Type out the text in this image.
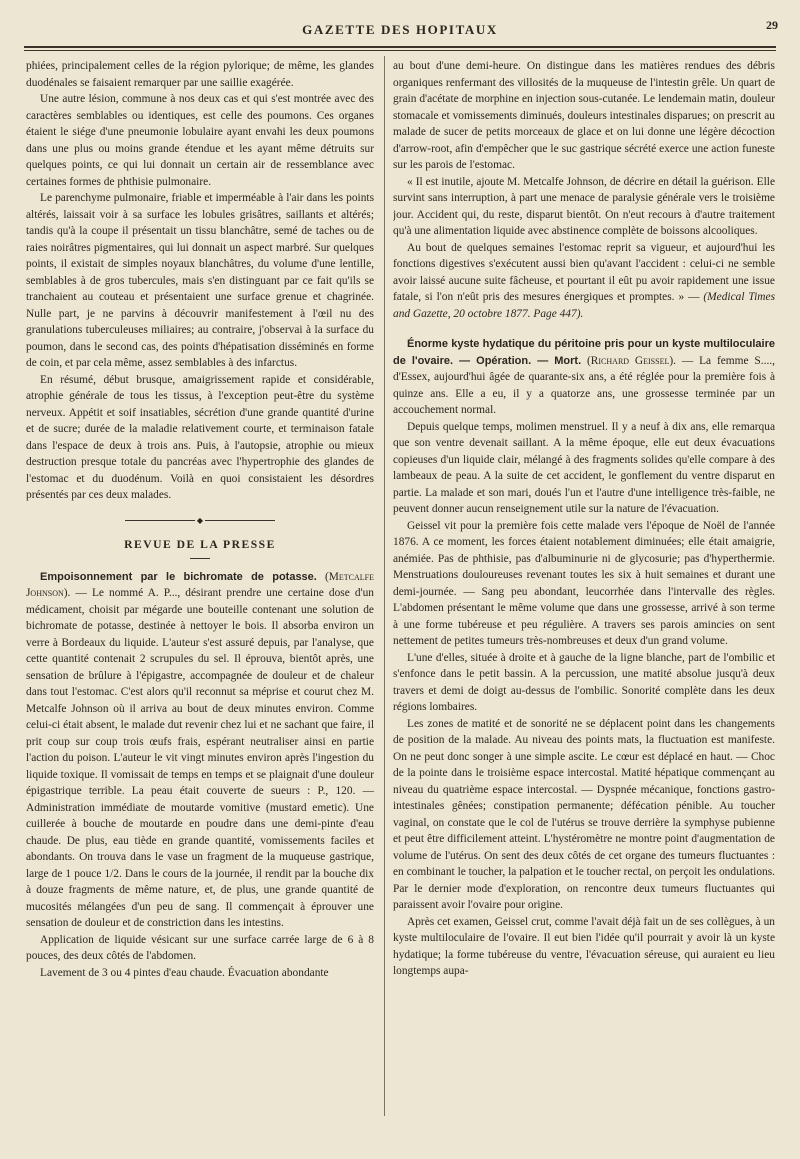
GAZETTE DES HOPITAUX	29

phiées, principalement celles de la région pylorique; de même, les glandes duodénales se faisaient remarquer par une saillie exagérée.

Une autre lésion, commune à nos deux cas et qui s'est montrée avec des caractères semblables ou identiques, est celle des poumons. Ces organes étaient le siége d'une pneumonie lobulaire ayant envahi les deux poumons dans une plus ou moins grande étendue et les ayant même détruits sur quelques points, ce qui lui donnait un certain air de ressemblance avec certaines formes de phthisie pulmonaire.

Le parenchyme pulmonaire, friable et imperméable à l'air dans les points altérés, laissait voir à sa surface les lobules grisâtres, saillants et altérés; tandis qu'à la coupe il présentait un tissu blanchâtre, semé de taches ou de raies noirâtres pigmentaires, qui lui donnait un aspect marbré. Sur quelques points, il existait de simples noyaux blanchâtres, du volume d'une lentille, semblables à de gros tubercules, mais s'en distinguant par ce fait qu'ils se tranchaient au couteau et présentaient une surface grenue et chagrinée. Nulle part, je ne parvins à découvrir manifestement à l'œil nu des granulations tuberculeuses miliaires; au contraire, j'observai à la surface du poumon, dans le second cas, des points d'hépatisation disséminés en forme de coin, et par cela même, assez semblables à des infarctus.

En résumé, début brusque, amaigrissement rapide et considérable, atrophie générale de tous les tissus, à l'exception peut-être du système nerveux. Appétit et soif insatiables, sécrétion d'une grande quantité d'urine et de sucre; durée de la maladie relativement courte, et terminaison fatale dans l'espace de deux à trois ans. Puis, à l'autopsie, atrophie ou mieux destruction presque totale du pancréas avec l'hypertrophie des glandes de l'estomac et du duodénum. Voilà en quoi consistaient les désordres présentés par ces deux malades.

◆
REVUE DE LA PRESSE

Empoisonnement par le bichromate de potasse. (Metcalfe Johnson). — Le nommé A. P..., désirant prendre une certaine dose d'un médicament, choisit par mégarde une bouteille contenant une solution de bichromate de potasse, destinée à nettoyer le bois. Il absorba environ un verre à Bordeaux du liquide. L'auteur s'est assuré depuis, par l'analyse, que cette quantité contenait 2 scrupules du sel. Il éprouva, bientôt après, une sensation de brûlure à l'épigastre, accompagnée de douleur et de chaleur dans tout l'estomac. C'est alors qu'il reconnut sa méprise et courut chez M. Metcalfe Johnson où il arriva au bout de deux minutes environ. Comme celui-ci était absent, le malade dut revenir chez lui et ne sachant que faire, il prit coup sur coup trois œufs frais, espérant neutraliser ainsi en partie l'action du poison. L'auteur le vit vingt minutes environ après l'ingestion du liquide toxique. Il vomissait de temps en temps et se plaignait d'une douleur épigastrique terrible. La peau était couverte de sueurs : P., 120. — Administration immédiate de moutarde vomitive (mustard emetic). Une cuillerée à bouche de moutarde en poudre dans une demi-pinte d'eau chaude. De plus, eau tiède en grande quantité, vomissements faciles et abondants. On trouva dans le vase un fragment de la muqueuse gastrique, large de 1 pouce 1/2. Dans le cours de la journée, il rendit par la bouche dix à douze fragments de même nature, et, de plus, une grande quantité de mucosités mélangées d'un peu de sang. Il commençait à éprouver une sensation de douleur et de constriction dans les intestins.

Application de liquide vésicant sur une surface carrée large de 6 à 8 pouces, des deux côtés de l'abdomen.

Lavement de 3 ou 4 pintes d'eau chaude. Évacuation abondante

au bout d'une demi-heure. On distingue dans les matières rendues des débris organiques renfermant des villosités de la muqueuse de l'intestin grêle. Un quart de grain d'acétate de morphine en injection sous-cutanée. Le lendemain matin, douleur stomacale et vomissements diminués, douleurs intestinales disparues; on prescrit au malade de sucer de petits morceaux de glace et on lui donne une légère décoction d'arrow-root, afin d'empêcher que le suc gastrique sécrété exerce une action funeste sur les parois de l'estomac.

« Il est inutile, ajoute M. Metcalfe Johnson, de décrire en détail la guérison. Elle survint sans interruption, à part une menace de paralysie générale vers le troisième jour. Accident qui, du reste, disparut bientôt. On n'eut recours à d'autre traitement qu'à une alimentation liquide avec abstinence complète de boissons alcooliques.

Au bout de quelques semaines l'estomac reprit sa vigueur, et aujourd'hui les fonctions digestives s'exécutent aussi bien qu'avant l'accident : celui-ci ne semble avoir laissé aucune suite fâcheuse, et pourtant il eût pu avoir rapidement une issue fatale, si l'on n'eût pris des mesures énergiques et promptes. » — (Medical Times and Gazette, 20 octobre 1877. Page 447).

Énorme kyste hydatique du péritoine pris pour un kyste multiloculaire de l'ovaire. — Opération. — Mort. (Richard Geissel). — La femme S...., d'Essex, aujourd'hui âgée de quarante-six ans, a été réglée pour la première fois à quinze ans. Elle a eu, il y a quatorze ans, une grossesse terminée par un accouchement normal.

Depuis quelque temps, molimen menstruel. Il y a neuf à dix ans, elle remarqua que son ventre devenait saillant. A la même époque, elle eut deux évacuations copieuses d'un liquide clair, mélangé à des fragments solides qu'elle compare à des lambeaux de peau. A la suite de cet accident, le gonflement du ventre disparut en partie. La malade et son mari, doués l'un et l'autre d'une intelligence très-faible, ne peuvent donner aucun renseignement utile sur la nature de l'évacuation.

Geissel vit pour la première fois cette malade vers l'époque de Noël de l'année 1876. A ce moment, les forces étaient notablement diminuées; elle était amaigrie, anémiée. Pas de phthisie, pas d'albuminurie ni de glycosurie; pas d'hyperthermie. Menstruations douloureuses revenant toutes les six à huit semaines et durant une demi-journée. — Sang peu abondant, leucorrhée dans l'intervalle des règles. L'abdomen présentant le même volume que dans une grossesse, arrivé à son terme à une forme tubéreuse et peu régulière. A travers ses parois amincies on sent nettement de petites tumeurs très-nombreuses et deux d'un grand volume.

L'une d'elles, située à droite et à gauche de la ligne blanche, part de l'ombilic et s'enfonce dans le petit bassin. A la percussion, une matité absolue jusqu'à deux travers et demi de doigt au-dessus de l'ombilic. Sonorité complète dans les deux régions lombaires.

Les zones de matité et de sonorité ne se déplacent point dans les changements de position de la malade. Au niveau des points mats, la fluctuation est manifeste. On ne peut donc songer à une simple ascite. Le cœur est déplacé en haut. — Choc de la pointe dans le troisième espace intercostal. Matité hépatique commençant au niveau du quatrième espace intercostal. — Dyspnée mécanique, fonctions gastro-intestinales gênées; constipation permanente; défécation pénible. Au toucher vaginal, on constate que le col de l'utérus se trouve derrière la symphyse pubienne et peut être difficilement atteint. L'hystéromètre ne montre point d'augmentation de volume de l'utérus. On sent des deux côtés de cet organe des tumeurs fluctuantes : en combinant le toucher, la palpation et le toucher rectal, on perçoit les ondulations. Par le dernier mode d'exploration, on rencontre deux tumeurs fluctuantes qui paraissent avoir l'ovaire pour origine.

Après cet examen, Geissel crut, comme l'avait déjà fait un de ses collègues, à un kyste multiloculaire de l'ovaire. Il eut bien l'idée qu'il pourrait y avoir là un kyste hydatique; la forme tubéreuse du ventre, l'évacuation séreuse, qui auraient eu lieu longtemps aupa-
